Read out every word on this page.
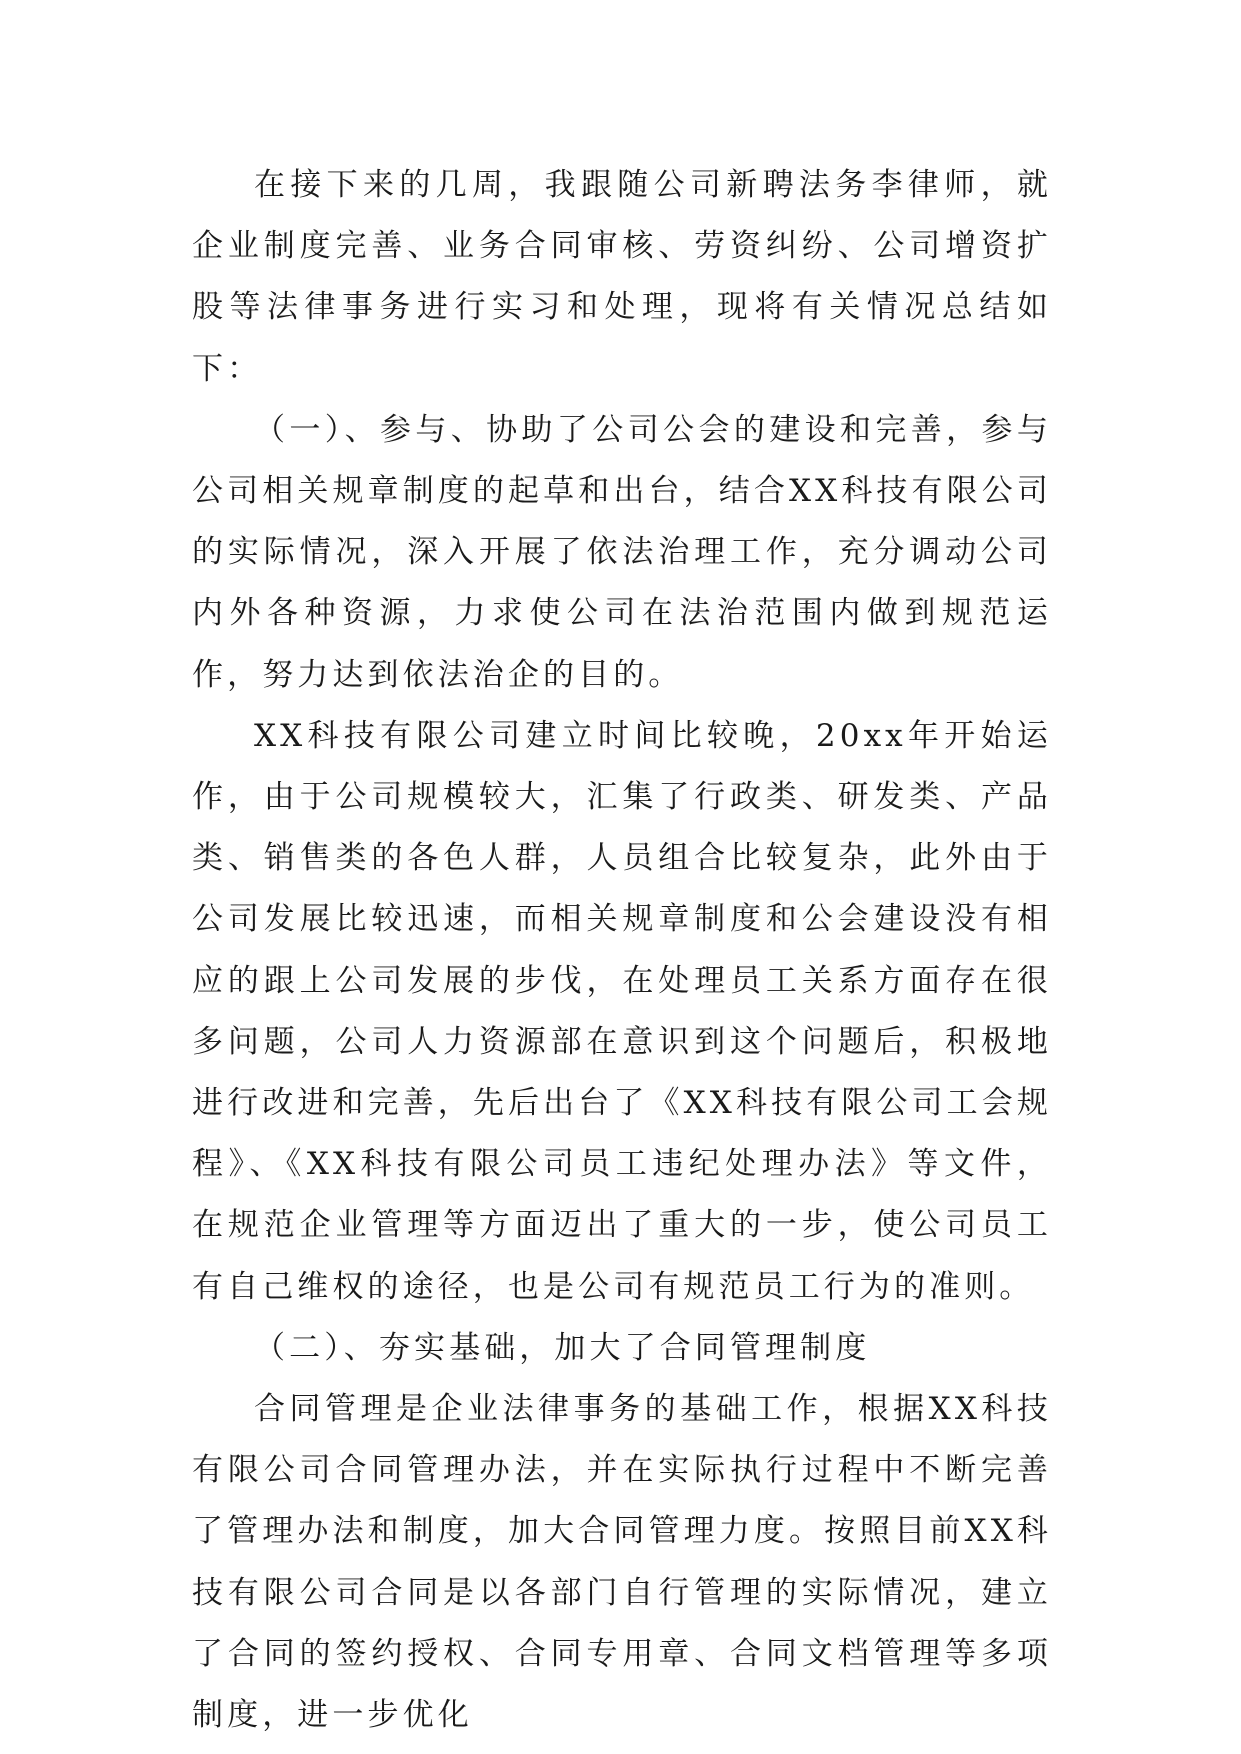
在接下来的几周，我跟随公司新聘法务李律师，就企业制度完善、业务合同审核、劳资纠纷、公司增资扩股等法律事务进行实习和处理，现将有关情况总结如下：

（一）、参与、协助了公司公会的建设和完善，参与公司相关规章制度的起草和出台，结合XX科技有限公司的实际情况，深入开展了依法治理工作，充分调动公司内外各种资源，力求使公司在法治范围内做到规范运作，努力达到依法治企的目的。

XX科技有限公司建立时间比较晚，20xx年开始运作，由于公司规模较大，汇集了行政类、研发类、产品类、销售类的各色人群，人员组合比较复杂，此外由于公司发展比较迅速，而相关规章制度和公会建设没有相应的跟上公司发展的步伐，在处理员工关系方面存在很多问题，公司人力资源部在意识到这个问题后，积极地进行改进和完善，先后出台了《XX科技有限公司工会规程》、《XX科技有限公司员工违纪处理办法》等文件，在规范企业管理等方面迈出了重大的一步，使公司员工有自己维权的途径，也是公司有规范员工行为的准则。

（二）、夯实基础，加大了合同管理制度

合同管理是企业法律事务的基础工作，根据XX科技有限公司合同管理办法，并在实际执行过程中不断完善了管理办法和制度，加大合同管理力度。按照目前XX科技有限公司合同是以各部门自行管理的实际情况，建立了合同的签约授权、合同专用章、合同文档管理等多项制度，进一步优化
